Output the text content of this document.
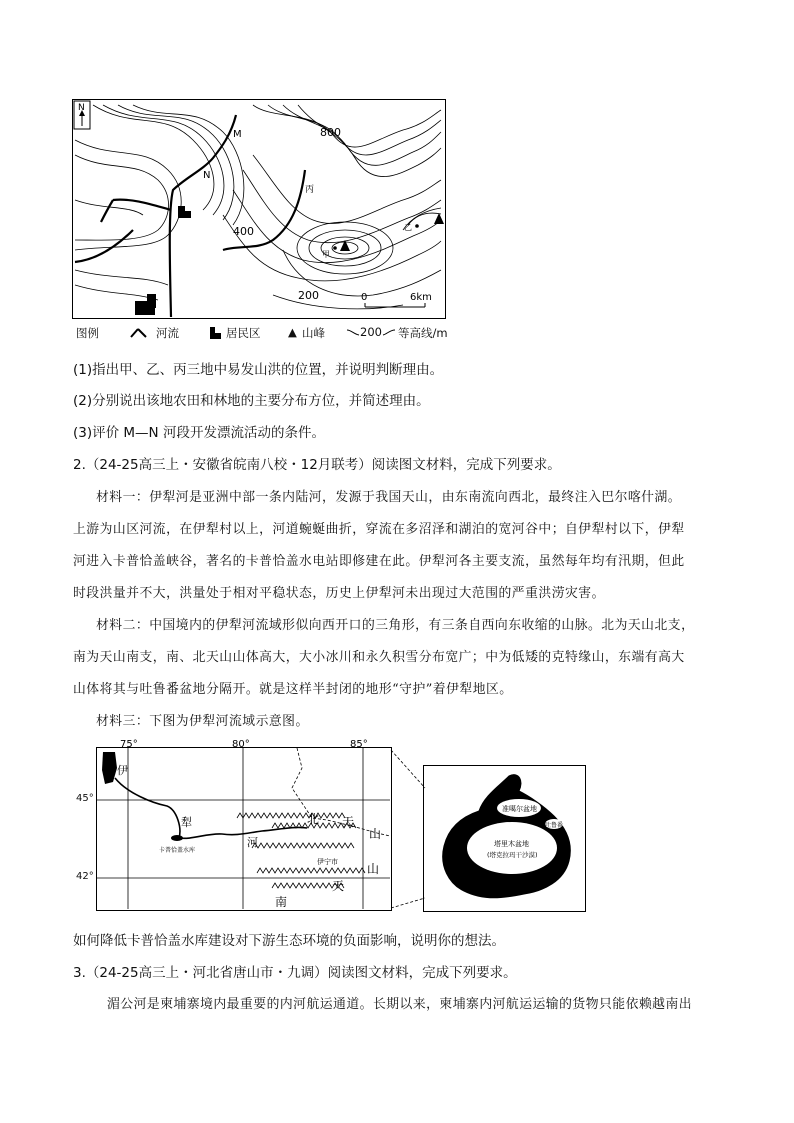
N
M
N
丙
甲
乙
800
400
200	0	6km
图例	河流	居民区 ▲ 山峰	200 等高线/m
(1)指出甲、乙、丙三地中易发山洪的位置，并说明判断理由。
(2)分别说出该地农田和林地的主要分布方位，并简述理由。
(3)评价 M—N 河段开发漂流活动的条件。
2.（24-25高三上・安徽省皖南八校・12月联考）阅读图文材料，完成下列要求。
材料一：伊犁河是亚洲中部一条内陆河，发源于我国天山，由东南流向西北，最终注入巴尔喀什湖。
上游为山区河流，在伊犁村以上，河道蜿蜒曲折，穿流在多沼泽和湖泊的宽河谷中；自伊犁村以下，伊犁
河进入卡普恰盖峡谷，著名的卡普恰盖水电站即修建在此。伊犁河各主要支流，虽然每年均有汛期，但此
时段洪量并不大，洪量处于相对平稳状态，历史上伊犁河未出现过大范围的严重洪涝灾害。
材料二：中国境内的伊犁河流域形似向西开口的三角形，有三条自西向东收缩的山脉。北为天山北支，
南为天山南支，南、北天山山体高大，大小冰川和永久积雪分布宽广；中为低矮的克特缘山，东端有高大
山体将其与吐鲁番盆地分隔开。就是这样半封闭的地形“守护”着伊犁地区。
材料三：下图为伊犁河流域示意图。
75°	80°	85°
45°
42°
伊
犁
河
北 天
山
天
山
南
卡普恰盖水库
伊宁市
准噶尔盆地
吐鲁番
塔里木盆地
(塔克拉玛干沙漠)
如何降低卡普恰盖水库建设对下游生态环境的负面影响，说明你的想法。
3.（24-25高三上・河北省唐山市・九调）阅读图文材料，完成下列要求。
湄公河是柬埔寨境内最重要的内河航运通道。长期以来，柬埔寨内河航运运输的货物只能依赖越南出
